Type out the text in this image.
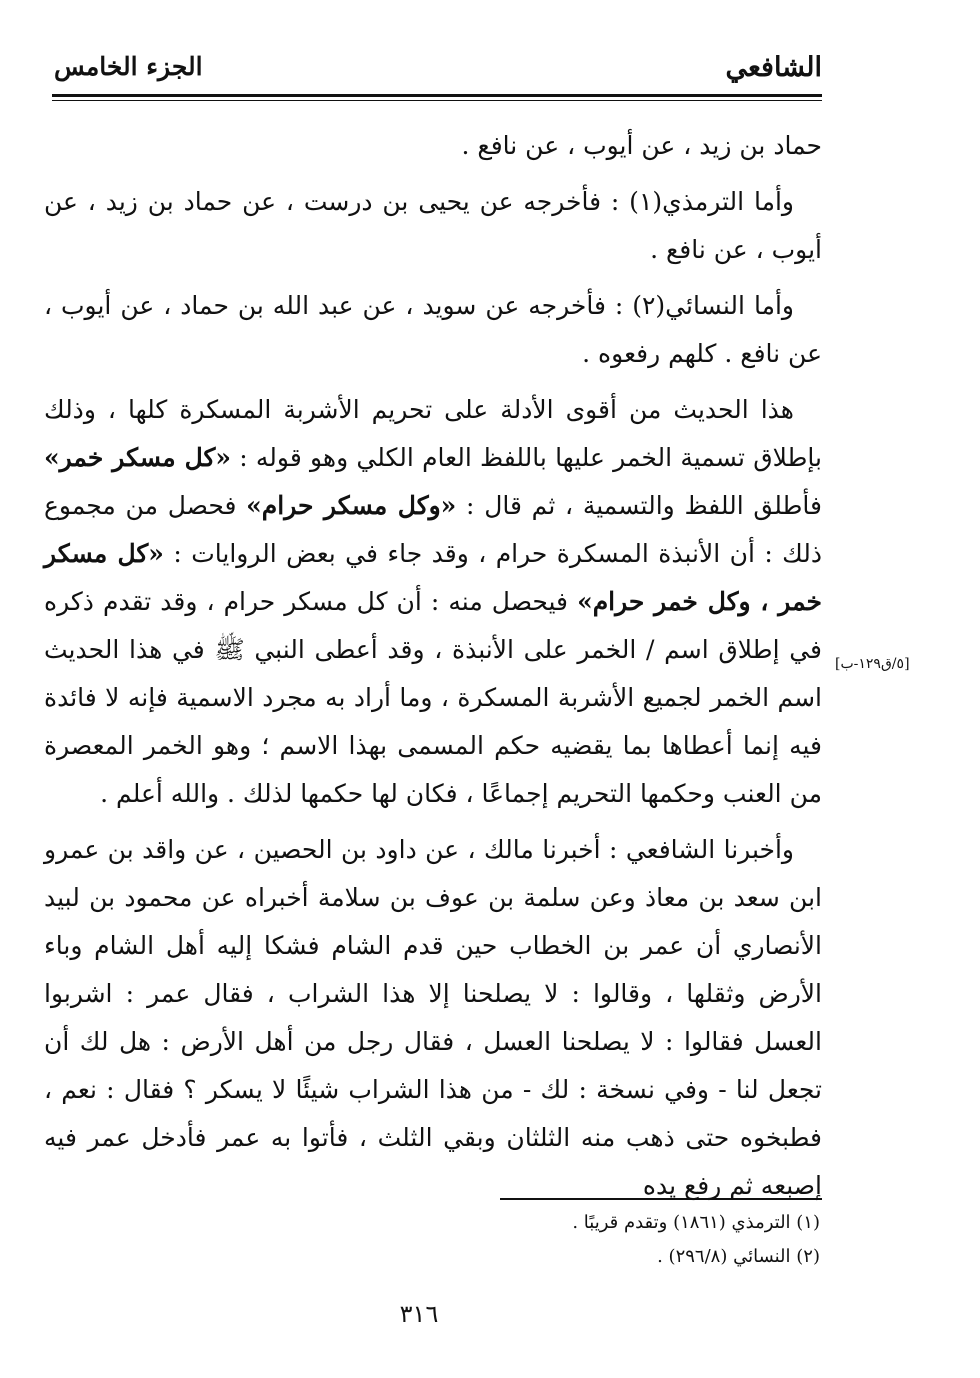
الشافعي
الجزء الخامس
[٥/ق١٢٩-ب]

حماد بن زيد ، عن أيوب ، عن نافع .

وأما الترمذي(١) : فأخرجه عن يحيى بن درست ، عن حماد بن زيد ، عن أيوب ، عن نافع .

وأما النسائي(٢) : فأخرجه عن سويد ، عن عبد الله بن حماد ، عن أيوب ، عن نافع . كلهم رفعوه .

هذا الحديث من أقوى الأدلة على تحريم الأشربة المسكرة كلها ، وذلك بإطلاق تسمية الخمر عليها باللفظ العام الكلي وهو قوله : «كل مسكر خمر» فأطلق اللفظ والتسمية ، ثم قال : «وكل مسكر حرام» فحصل من مجموع ذلك : أن الأنبذة المسكرة حرام ، وقد جاء في بعض الروايات : «كل مسكر خمر ، وكل خمر حرام» فيحصل منه : أن كل مسكر حرام ، وقد تقدم ذكره في إطلاق اسم / الخمر على الأنبذة ، وقد أعطى النبي ﷺ في هذا الحديث اسم الخمر لجميع الأشربة المسكرة ، وما أراد به مجرد الاسمية فإنه لا فائدة فيه إنما أعطاها بما يقضيه حكم المسمى بهذا الاسم ؛ وهو الخمر المعصرة من العنب وحكمها التحريم إجماعًا ، فكان لها حكمها لذلك . والله أعلم .

وأخبرنا الشافعي : أخبرنا مالك ، عن داود بن الحصين ، عن واقد بن عمرو ابن سعد بن معاذ وعن سلمة بن عوف بن سلامة أخبراه عن محمود بن لبيد الأنصاري أن عمر بن الخطاب حين قدم الشام فشكا إليه أهل الشام وباء الأرض وثقلها ، وقالوا : لا يصلحنا إلا هذا الشراب ، فقال عمر : اشربوا العسل فقالوا : لا يصلحنا العسل ، فقال رجل من أهل الأرض : هل لك أن تجعل لنا - وفي نسخة : لك - من هذا الشراب شيئًا لا يسكر ؟ فقال : نعم ، فطبخوه حتى ذهب منه الثلثان وبقي الثلث ، فأتوا به عمر فأدخل عمر فيه إصبعه ثم رفع يده

(١) الترمذي (١٨٦١) وتقدم قريبًا .
(٢) النسائي (٢٩٦/٨) .
٣١٦
